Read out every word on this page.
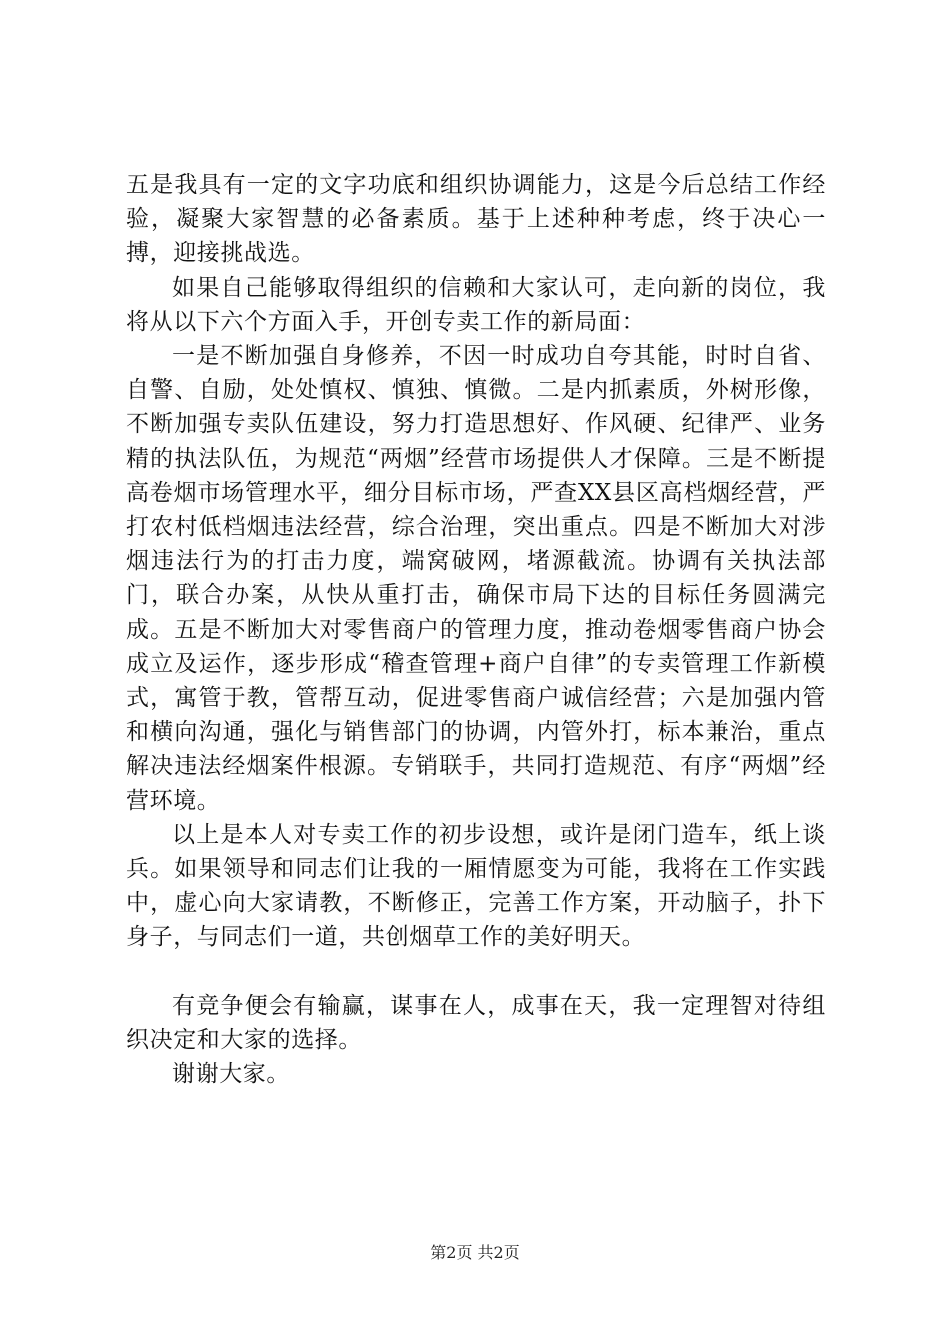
五是我具有一定的文字功底和组织协调能力，这是今后总结工作经验，凝聚大家智慧的必备素质。基于上述种种考虑，终于决心一搏，迎接挑战选。

如果自己能够取得组织的信赖和大家认可，走向新的岗位，我将从以下六个方面入手，开创专卖工作的新局面：

一是不断加强自身修养，不因一时成功自夸其能，时时自省、自警、自励，处处慎权、慎独、慎微。二是内抓素质，外树形像，不断加强专卖队伍建设，努力打造思想好、作风硬、纪律严、业务精的执法队伍，为规范“两烟”经营市场提供人才保障。三是不断提高卷烟市场管理水平，细分目标市场，严查XX县区高档烟经营，严打农村低档烟违法经营，综合治理，突出重点。四是不断加大对涉烟违法行为的打击力度，端窝破网，堵源截流。协调有关执法部门，联合办案，从快从重打击，确保市局下达的目标任务圆满完成。五是不断加大对零售商户的管理力度，推动卷烟零售商户协会成立及运作，逐步形成“稽查管理+商户自律”的专卖管理工作新模式，寓管于教，管帮互动，促进零售商户诚信经营；六是加强内管和横向沟通，强化与销售部门的协调，内管外打，标本兼治，重点解决违法经烟案件根源。专销联手，共同打造规范、有序“两烟”经营环境。

以上是本人对专卖工作的初步设想，或许是闭门造车，纸上谈兵。如果领导和同志们让我的一厢情愿变为可能，我将在工作实践中，虚心向大家请教，不断修正，完善工作方案，开动脑子，扑下身子，与同志们一道，共创烟草工作的美好明天。

有竞争便会有输赢，谋事在人，成事在天，我一定理智对待组织决定和大家的选择。

谢谢大家。

第2页 共2页
